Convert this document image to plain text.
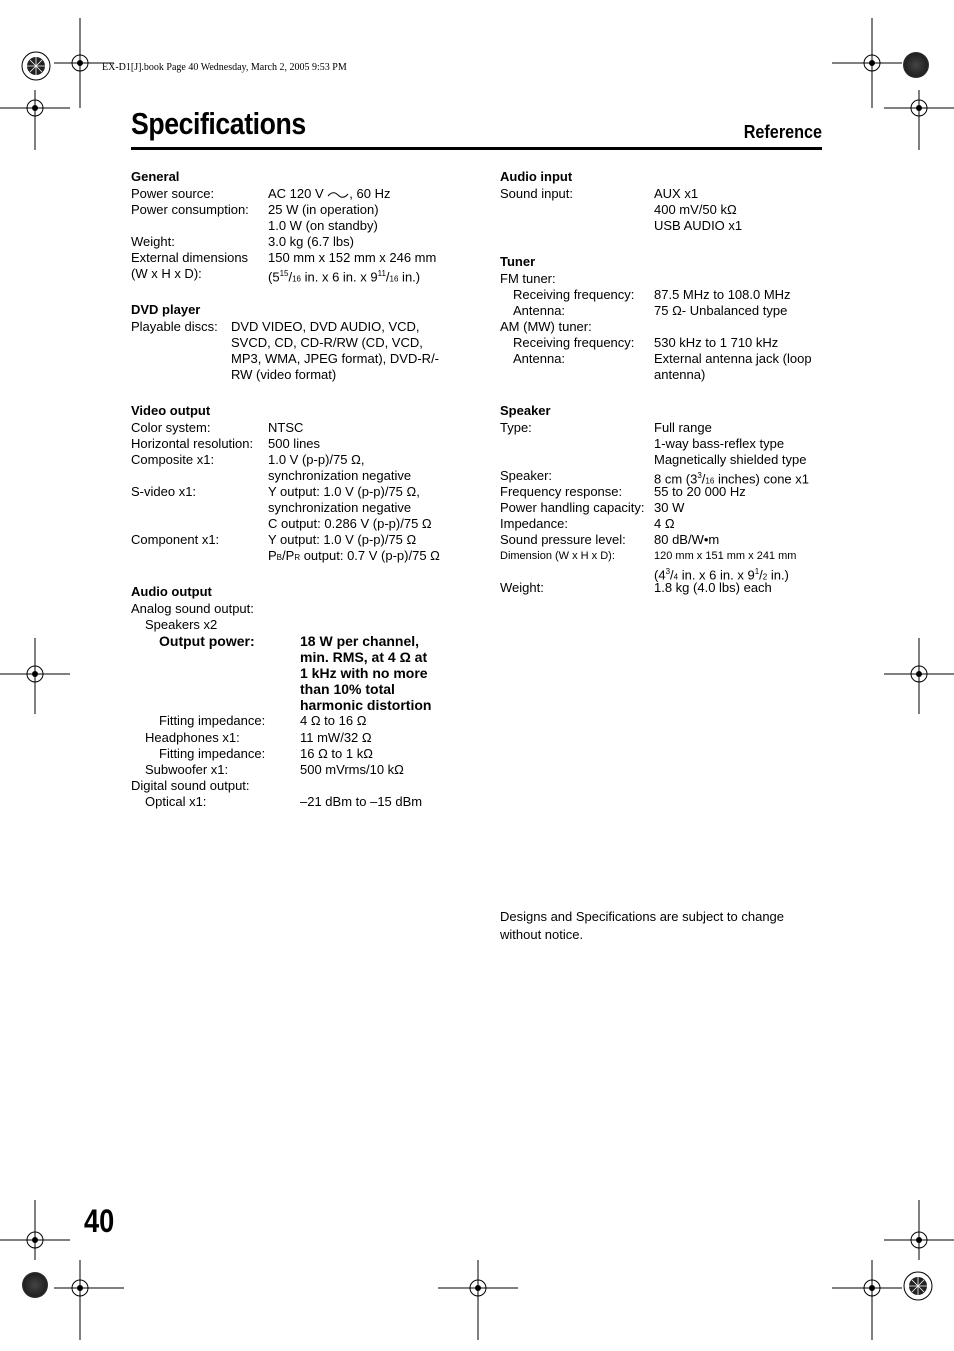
EX-D1[J].book Page 40 Wednesday, March 2, 2005 9:53 PM
Specifications	Reference
General
Power source:	AC 120 V , 60 Hz
Power consumption: 25 W (in operation)
1.0 W (on standby)
Weight:	3.0 kg (6.7 lbs)
External dimensions 150 mm x 152 mm x 246 mm
(W x H x D):	($5^{15}/16$ in. x 6 in. x $9^{11}/16$ in.)
DVD player
Playable discs: DVD VIDEO, DVD AUDIO, VCD,
SVCD, CD, CD-R/RW (CD, VCD,
MP3, WMA, JPEG format), DVD-R/-
RW (video format)
Video output
Color system:	NTSC
Horizontal resolution: 500 lines
Composite x1:	1.0 V (p-p)/75 Ω,
synchronization negative
S-video x1:	Y output: 1.0 V (p-p)/75 Ω,
synchronization negative
C output: 0.286 V (p-p)/75 Ω
Component x1:	Y output: 1.0 V (p-p)/75 Ω
PB/PR output: 0.7 V (p-p)/75 Ω
Audio output
Analog sound output:
Speakers x2
Output power:	18 W per channel,
min. RMS, at 4 Ω at
1 kHz with no more
than 10% total
harmonic distortion
Fitting impedance:	4 Ω to 16 Ω
Headphones x1:	11 mW/32 Ω
Fitting impedance:	16 Ω to 1 kΩ
Subwoofer x1:	500 mVrms/10 kΩ
Digital sound output:
Optical x1:	–21 dBm to –15 dBm
Audio input
Sound input:	AUX x1
400 mV/50 kΩ
USB AUDIO x1
Tuner
FM tuner:
Receiving frequency: 87.5 MHz to 108.0 MHz
Antenna:	75 Ω- Unbalanced type
AM (MW) tuner:
Receiving frequency: 530 kHz to 1 710 kHz
Antenna:	External antenna jack (loop
antenna)
Speaker
Type:	Full range
1-way bass-reflex type
Magnetically shielded type
Speaker:	8 cm ($3^3/16$ inches) cone x1
Frequency response: 55 to 20 000 Hz
Power handling capacity: 30 W
Impedance:	4 Ω
Sound pressure level: 80 dB/W•m
Dimension (W x H x D):	120 mm x 151 mm x 241 mm
($4^3/4$ in. x 6 in. x $9^1/2$ in.)
Weight:	1.8 kg (4.0 lbs) each
Designs and Specifications are subject to change
without notice.
40
